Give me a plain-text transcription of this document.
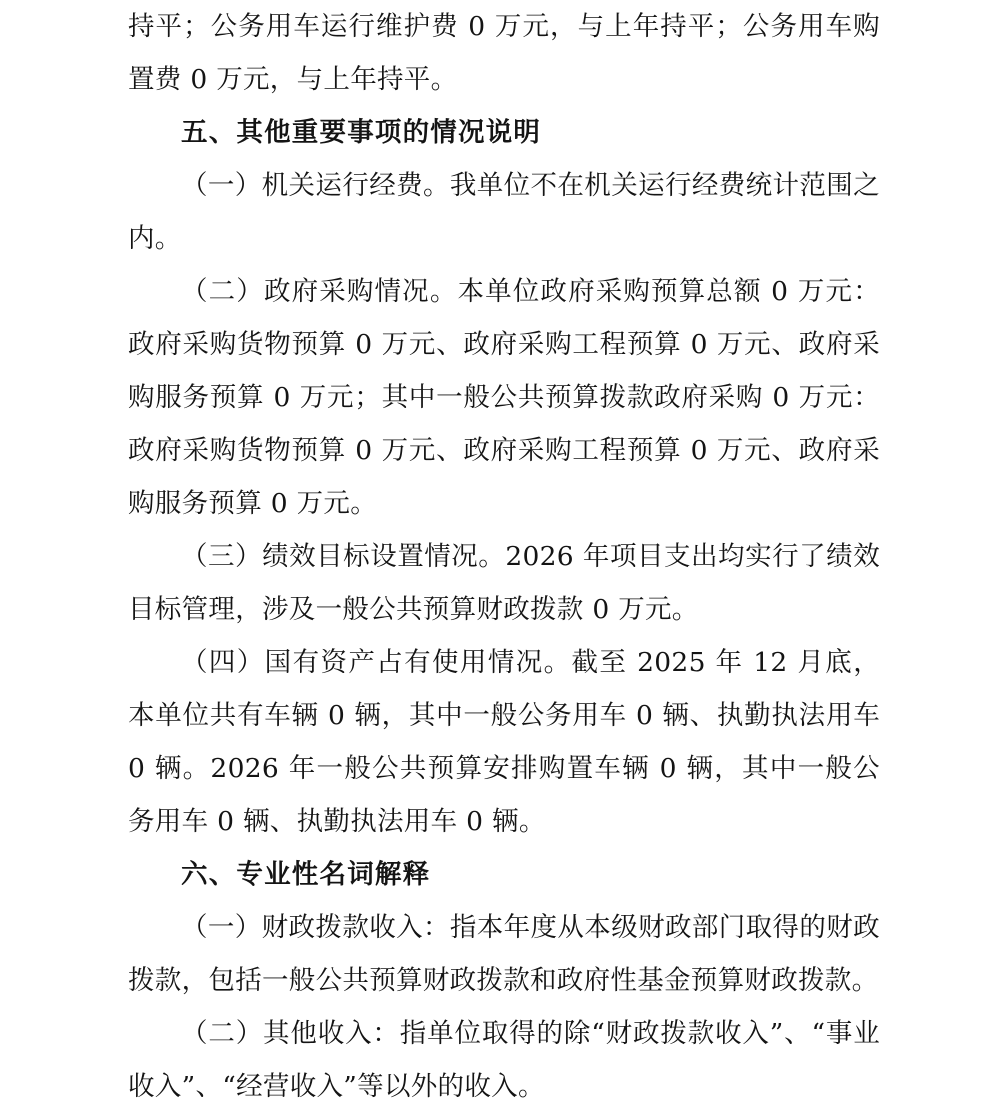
持平；公务用车运行维护费 0 万元，与上年持平；公务用车购置费 0 万元，与上年持平。

五、其他重要事项的情况说明

（一）机关运行经费。我单位不在机关运行经费统计范围之内。

（二）政府采购情况。本单位政府采购预算总额 0 万元：政府采购货物预算 0 万元、政府采购工程预算 0 万元、政府采购服务预算 0 万元；其中一般公共预算拨款政府采购 0 万元：政府采购货物预算 0 万元、政府采购工程预算 0 万元、政府采购服务预算 0 万元。

（三）绩效目标设置情况。2026 年项目支出均实行了绩效目标管理，涉及一般公共预算财政拨款 0 万元。

（四）国有资产占有使用情况。截至 2025 年 12 月底，本单位共有车辆 0 辆，其中一般公务用车 0 辆、执勤执法用车 0 辆。2026 年一般公共预算安排购置车辆 0 辆，其中一般公务用车 0 辆、执勤执法用车 0 辆。

六、专业性名词解释

（一）财政拨款收入：指本年度从本级财政部门取得的财政拨款，包括一般公共预算财政拨款和政府性基金预算财政拨款。

（二）其他收入：指单位取得的除“财政拨款收入”、“事业收入”、“经营收入”等以外的收入。
